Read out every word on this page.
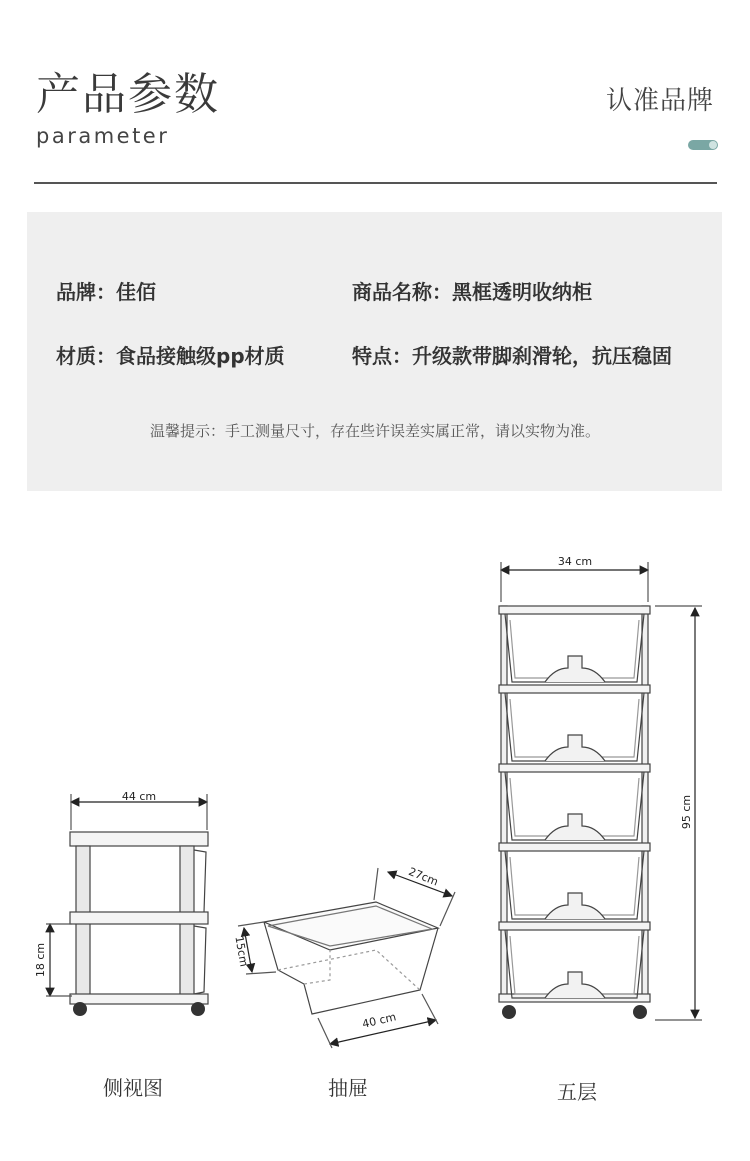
产品参数
parameter
认准品牌
品牌：佳佰	商品名称：黑框透明收纳柜
材质：食品接触级pp材质	特点：升级款带脚刹滑轮，抗压稳固
温馨提示：手工测量尺寸，存在些许误差实属正常，请以实物为准。
44 cm
18 cm
27cm
15cm
40 cm
34 cm
95 cm
侧视图	抽屉	五层
